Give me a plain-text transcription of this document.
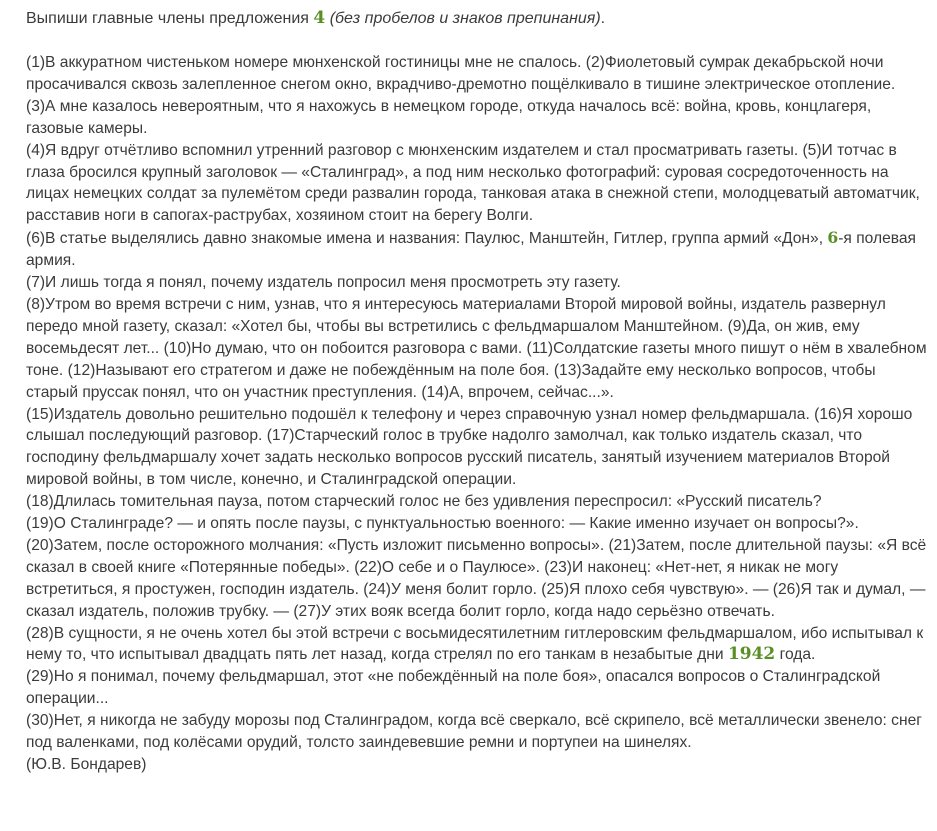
Выпиши главные члены предложения 4 (без пробелов и знаков препинания).

(1)В аккуратном чистеньком номере мюнхенской гостиницы мне не спалось. (2)Фиолетовый сумрак декабрьской ночи просачивался сквозь залепленное снегом окно, вкрадчиво-дремотно пощёлкивало в тишине электрическое отопление. (3)А мне казалось невероятным, что я нахожусь в немецком городе, откуда началось всё: война, кровь, концлагеря, газовые камеры.

(4)Я вдруг отчётливо вспомнил утренний разговор с мюнхенским издателем и стал просматривать газеты. (5)И тотчас в глаза бросился крупный заголовок — «Сталинград», а под ним несколько фотографий: суровая сосредоточенность на лицах немецких солдат за пулемётом среди развалин города, танковая атака в снежной степи, молодцеватый автоматчик, расставив ноги в сапогах-раструбах, хозяином стоит на берегу Волги.

(6)В статье выделялись давно знакомые имена и названия: Паулюс, Манштейн, Гитлер, группа армий «Дон», 6-я полевая армия.

(7)И лишь тогда я понял, почему издатель попросил меня просмотреть эту газету.

(8)Утром во время встречи с ним, узнав, что я интересуюсь материалами Второй мировой войны, издатель развернул передо мной газету, сказал: «Хотел бы, чтобы вы встретились с фельдмаршалом Манштейном. (9)Да, он жив, ему восемьдесят лет... (10)Но думаю, что он побоится разговора с вами. (11)Солдатские газеты много пишут о нём в хвалебном тоне. (12)Называют его стратегом и даже не побеждённым на поле боя. (13)Задайте ему несколько вопросов, чтобы старый пруссак понял, что он участник преступления. (14)А, впрочем, сейчас...».

(15)Издатель довольно решительно подошёл к телефону и через справочную узнал номер фельдмаршала. (16)Я хорошо слышал последующий разговор. (17)Старческий голос в трубке надолго замолчал, как только издатель сказал, что господину фельдмаршалу хочет задать несколько вопросов русский писатель, занятый изучением материалов Второй мировой войны, в том числе, конечно, и Сталинградской операции.

(18)Длилась томительная пауза, потом старческий голос не без удивления переспросил: «Русский писатель?

(19)О Сталинграде? — и опять после паузы, с пунктуальностью военного: — Какие именно изучает он вопросы?».

(20)Затем, после осторожного молчания: «Пусть изложит письменно вопросы». (21)Затем, после длительной паузы: «Я всё сказал в своей книге «Потерянные победы». (22)О себе и о Паулюсе». (23)И наконец: «Нет-нет, я никак не могу встретиться, я простужен, господин издатель. (24)У меня болит горло. (25)Я плохо себя чувствую». — (26)Я так и думал, — сказал издатель, положив трубку. — (27)У этих вояк всегда болит горло, когда надо серьёзно отвечать.

(28)В сущности, я не очень хотел бы этой встречи с восьмидесятилетним гитлеровским фельдмаршалом, ибо испытывал к нему то, что испытывал двадцать пять лет назад, когда стрелял по его танкам в незабытые дни 1942 года.

(29)Но я понимал, почему фельдмаршал, этот «не побеждённый на поле боя», опасался вопросов о Сталинградской операции...

(30)Нет, я никогда не забуду морозы под Сталинградом, когда всё сверкало, всё скрипело, всё металлически звенело: снег под валенками, под колёсами орудий, толсто заиндевевшие ремни и портупеи на шинелях.

(Ю.В. Бондарев)
